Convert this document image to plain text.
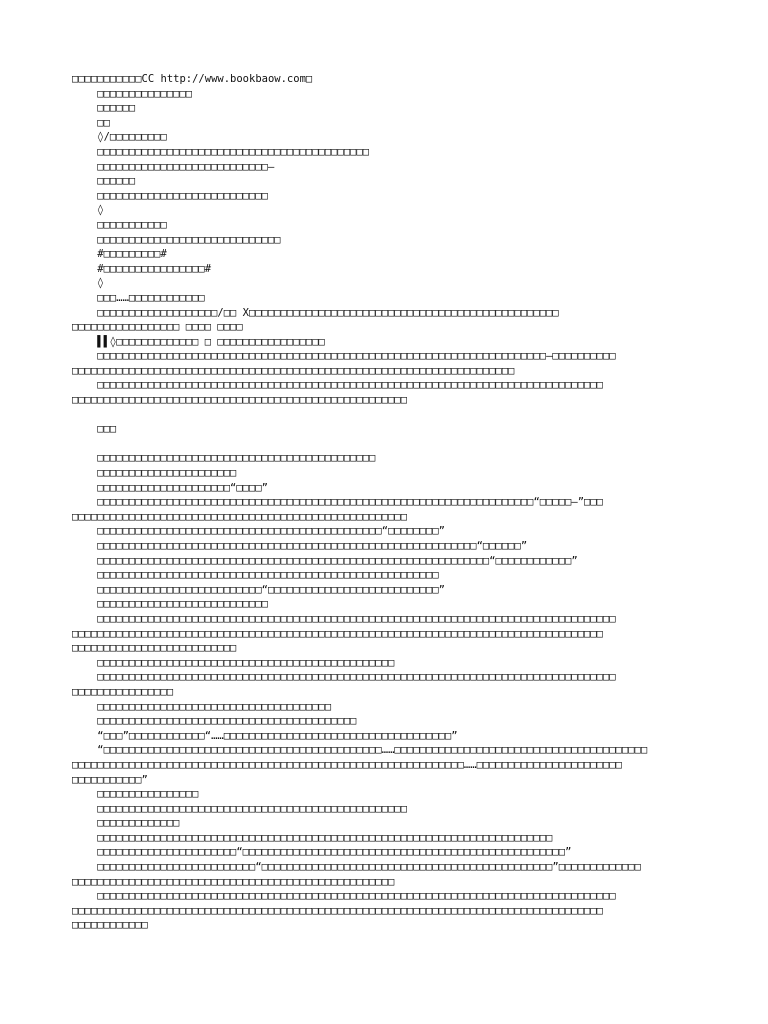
□□□□□□□□□□□CC http://www.bookbaow.com□
□□□□□□□□□□□□□□□
□□□□□□
□□
◊/□□□□□□□□□
□□□□□□□□□□□□□□□□□□□□□□□□□□□□□□□□□□□□□□□□□□□
□□□□□□□□□□□□□□□□□□□□□□□□□□□—
□□□□□□
□□□□□□□□□□□□□□□□□□□□□□□□□□□
◊
□□□□□□□□□□□
□□□□□□□□□□□□□□□□□□□□□□□□□□□□□
#□□□□□□□□□#
#□□□□□□□□□□□□□□□□#
◊
□□□……□□□□□□□□□□□□
□□□□□□□□□□□□□□□□□□□/□□ X□□□□□□□□□□□□□□□□□□□□□□□□□□□□□□□□□□□□□□□□□□□□□□□□□
□□□□□□□□□□□□□□□□□ □□□□ □□□□
▌▌◊□□□□□□□□□□□□□ □ □□□□□□□□□□□□□□□□□
□□□□□□□□□□□□□□□□□□□□□□□□□□□□□□□□□□□□□□□□□□□□□□□□□□□□□□□□□□□□□□□□□□□□□□□—□□□□□□□□□□
□□□□□□□□□□□□□□□□□□□□□□□□□□□□□□□□□□□□□□□□□□□□□□□□□□□□□□□□□□□□□□□□□□□□□□
□□□□□□□□□□□□□□□□□□□□□□□□□□□□□□□□□□□□□□□□□□□□□□□□□□□□□□□□□□□□□□□□□□□□□□□□□□□□□□□□
□□□□□□□□□□□□□□□□□□□□□□□□□□□□□□□□□□□□□□□□□□□□□□□□□□□□□
□□□
□□□□□□□□□□□□□□□□□□□□□□□□□□□□□□□□□□□□□□□□□□□□
□□□□□□□□□□□□□□□□□□□□□□
□□□□□□□□□□□□□□□□□□□□□“□□□□”
□□□□□□□□□□□□□□□□□□□□□□□□□□□□□□□□□□□□□□□□□□□□□□□□□□□□□□□□□□□□□□□□□□□□□“□□□□□—”□□□
□□□□□□□□□□□□□□□□□□□□□□□□□□□□□□□□□□□□□□□□□□□□□□□□□□□□□
□□□□□□□□□□□□□□□□□□□□□□□□□□□□□□□□□□□□□□□□□□□□□“□□□□□□□□”
□□□□□□□□□□□□□□□□□□□□□□□□□□□□□□□□□□□□□□□□□□□□□□□□□□□□□□□□□□□□“□□□□□□”
□□□□□□□□□□□□□□□□□□□□□□□□□□□□□□□□□□□□□□□□□□□□□□□□□□□□□□□□□□□□□□“□□□□□□□□□□□□”
□□□□□□□□□□□□□□□□□□□□□□□□□□□□□□□□□□□□□□□□□□□□□□□□□□□□□□
□□□□□□□□□□□□□□□□□□□□□□□□□□“□□□□□□□□□□□□□□□□□□□□□□□□□□□”
□□□□□□□□□□□□□□□□□□□□□□□□□□□
□□□□□□□□□□□□□□□□□□□□□□□□□□□□□□□□□□□□□□□□□□□□□□□□□□□□□□□□□□□□□□□□□□□□□□□□□□□□□□□□□□
□□□□□□□□□□□□□□□□□□□□□□□□□□□□□□□□□□□□□□□□□□□□□□□□□□□□□□□□□□□□□□□□□□□□□□□□□□□□□□□□□□□□
□□□□□□□□□□□□□□□□□□□□□□□□□□
□□□□□□□□□□□□□□□□□□□□□□□□□□□□□□□□□□□□□□□□□□□□□□□
□□□□□□□□□□□□□□□□□□□□□□□□□□□□□□□□□□□□□□□□□□□□□□□□□□□□□□□□□□□□□□□□□□□□□□□□□□□□□□□□□□
□□□□□□□□□□□□□□□□
□□□□□□□□□□□□□□□□□□□□□□□□□□□□□□□□□□□□□
□□□□□□□□□□□□□□□□□□□□□□□□□□□□□□□□□□□□□□□□□
“□□□”□□□□□□□□□□□□“……□□□□□□□□□□□□□□□□□□□□□□□□□□□□□□□□□□□□”
“□□□□□□□□□□□□□□□□□□□□□□□□□□□□□□□□□□□□□□□□□□□□……□□□□□□□□□□□□□□□□□□□□□□□□□□□□□□□□□□□□□□□□
□□□□□□□□□□□□□□□□□□□□□□□□□□□□□□□□□□□□□□□□□□□□□□□□□□□□□□□□□□□□□□……□□□□□□□□□□□□□□□□□□□□□□□
□□□□□□□□□□□”
□□□□□□□□□□□□□□□□
□□□□□□□□□□□□□□□□□□□□□□□□□□□□□□□□□□□□□□□□□□□□□□□□□
□□□□□□□□□□□□□
□□□□□□□□□□□□□□□□□□□□□□□□□□□□□□□□□□□□□□□□□□□□□□□□□□□□□□□□□□□□□□□□□□□□□□□□
□□□□□□□□□□□□□□□□□□□□□□“□□□□□□□□□□□□□□□□□□□□□□□□□□□□□□□□□□□□□□□□□□□□□□□□□□□”
□□□□□□□□□□□□□□□□□□□□□□□□□“□□□□□□□□□□□□□□□□□□□□□□□□□□□□□□□□□□□□□□□□□□□□□□”□□□□□□□□□□□□□
□□□□□□□□□□□□□□□□□□□□□□□□□□□□□□□□□□□□□□□□□□□□□□□□□□□
□□□□□□□□□□□□□□□□□□□□□□□□□□□□□□□□□□□□□□□□□□□□□□□□□□□□□□□□□□□□□□□□□□□□□□□□□□□□□□□□□□
□□□□□□□□□□□□□□□□□□□□□□□□□□□□□□□□□□□□□□□□□□□□□□□□□□□□□□□□□□□□□□□□□□□□□□□□□□□□□□□□□□□□
□□□□□□□□□□□□
